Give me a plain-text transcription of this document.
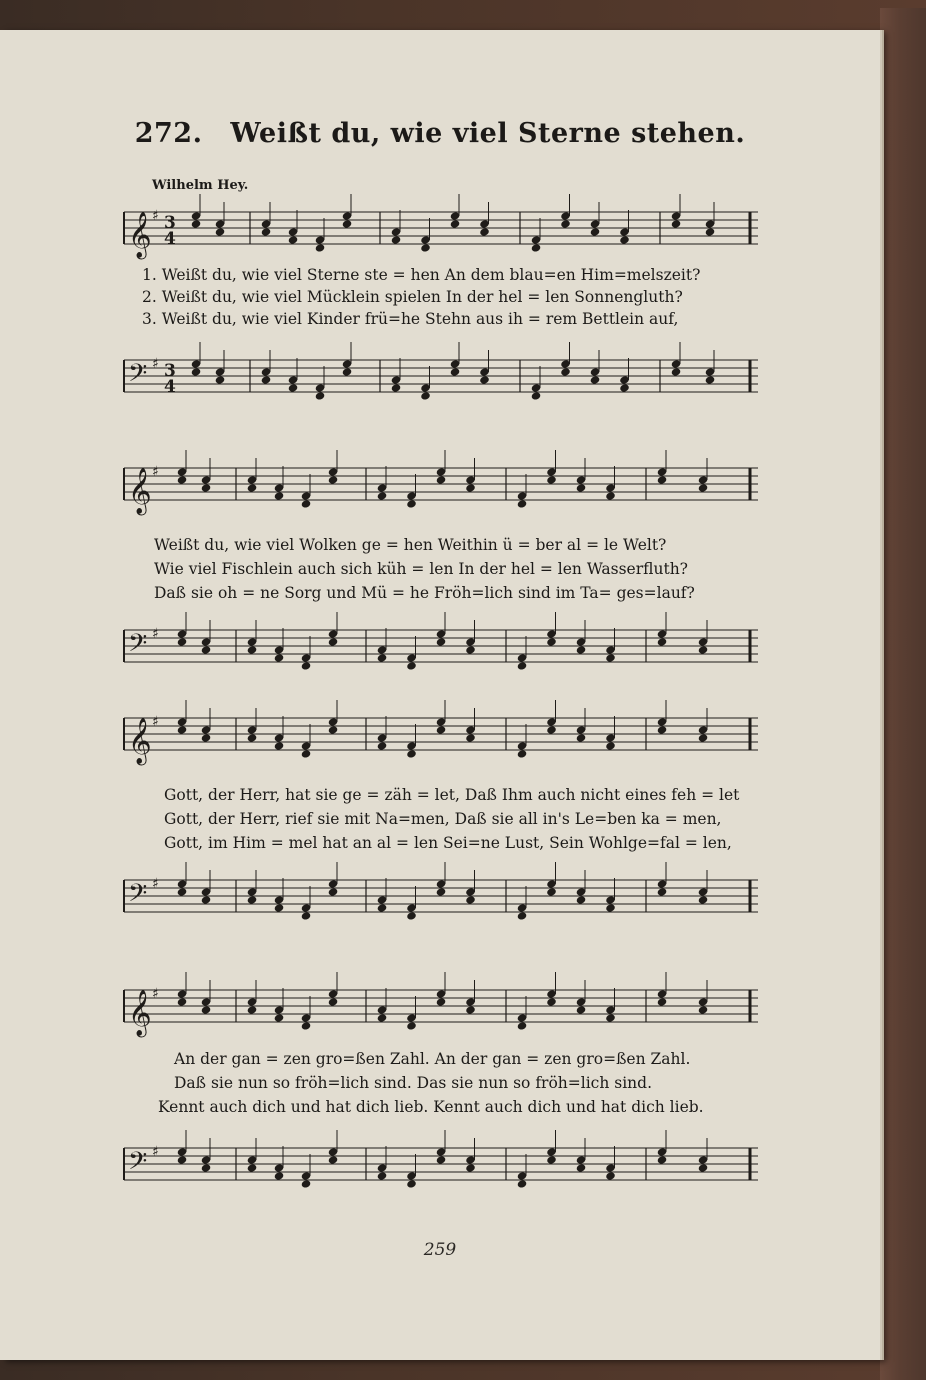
272. Weißt du, wie viel Sterne stehen.
Wilhelm Hey.
𝄞 ♯ 3
4
1. Weißt du, wie viel Sterne ste = hen An dem blau=en Him=melszeit?
2. Weißt du, wie viel Mücklein spielen In der hel = len Sonnengluth?
3. Weißt du, wie viel Kinder frü=he Stehn aus ih = rem Bettlein auf,
𝄢 ♯ 3
4
𝄞 ♯
Weißt du, wie viel Wolken ge = hen Weithin ü = ber al = le Welt?
Wie viel Fischlein auch sich küh = len In der hel = len Wasserfluth?
Daß sie oh = ne Sorg und Mü = he Fröh=lich sind im Ta= ges=lauf?
𝄢 ♯
𝄞 ♯
Gott, der Herr, hat sie ge = zäh = let, Daß Ihm auch nicht eines feh = let
Gott, der Herr, rief sie mit Na=men, Daß sie all in's Le=ben ka = men,
Gott, im Him = mel hat an al = len Sei=ne Lust, Sein Wohlge=fal = len,
𝄢 ♯
𝄞 ♯
An der gan = zen gro=ßen Zahl. An der gan = zen gro=ßen Zahl.
Daß sie nun so fröh=lich sind. Das sie nun so fröh=lich sind.
Kennt auch dich und hat dich lieb. Kennt auch dich und hat dich lieb.
𝄢 ♯
259
